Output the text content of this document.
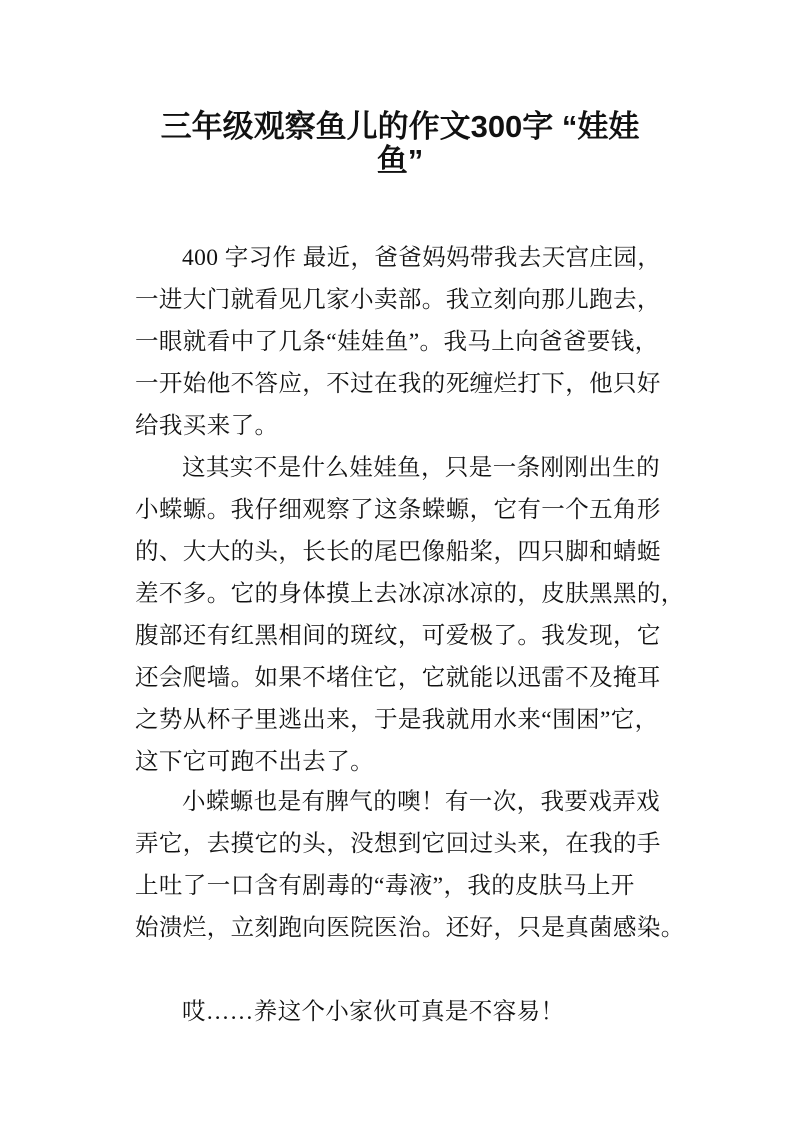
三年级观察鱼儿的作文300字 “娃娃
鱼”
400 字习作 最近，爸爸妈妈带我去天宫庄园，
一进大门就看见几家小卖部。我立刻向那儿跑去，
一眼就看中了几条“娃娃鱼”。我马上向爸爸要钱，
一开始他不答应，不过在我的死缠烂打下，他只好
给我买来了。
这其实不是什么娃娃鱼，只是一条刚刚出生的
小蝾螈。我仔细观察了这条蝾螈，它有一个五角形
的、大大的头，长长的尾巴像船桨，四只脚和蜻蜓
差不多。它的身体摸上去冰凉冰凉的，皮肤黑黑的，
腹部还有红黑相间的斑纹，可爱极了。我发现，它
还会爬墙。如果不堵住它，它就能以迅雷不及掩耳
之势从杯子里逃出来，于是我就用水来“围困”它，
这下它可跑不出去了。
小蝾螈也是有脾气的噢！有一次，我要戏弄戏
弄它，去摸它的头，没想到它回过头来，在我的手
上吐了一口含有剧毒的“毒液”，我的皮肤马上开
始溃烂，立刻跑向医院医治。还好，只是真菌感染。
哎……养这个小家伙可真是不容易！
